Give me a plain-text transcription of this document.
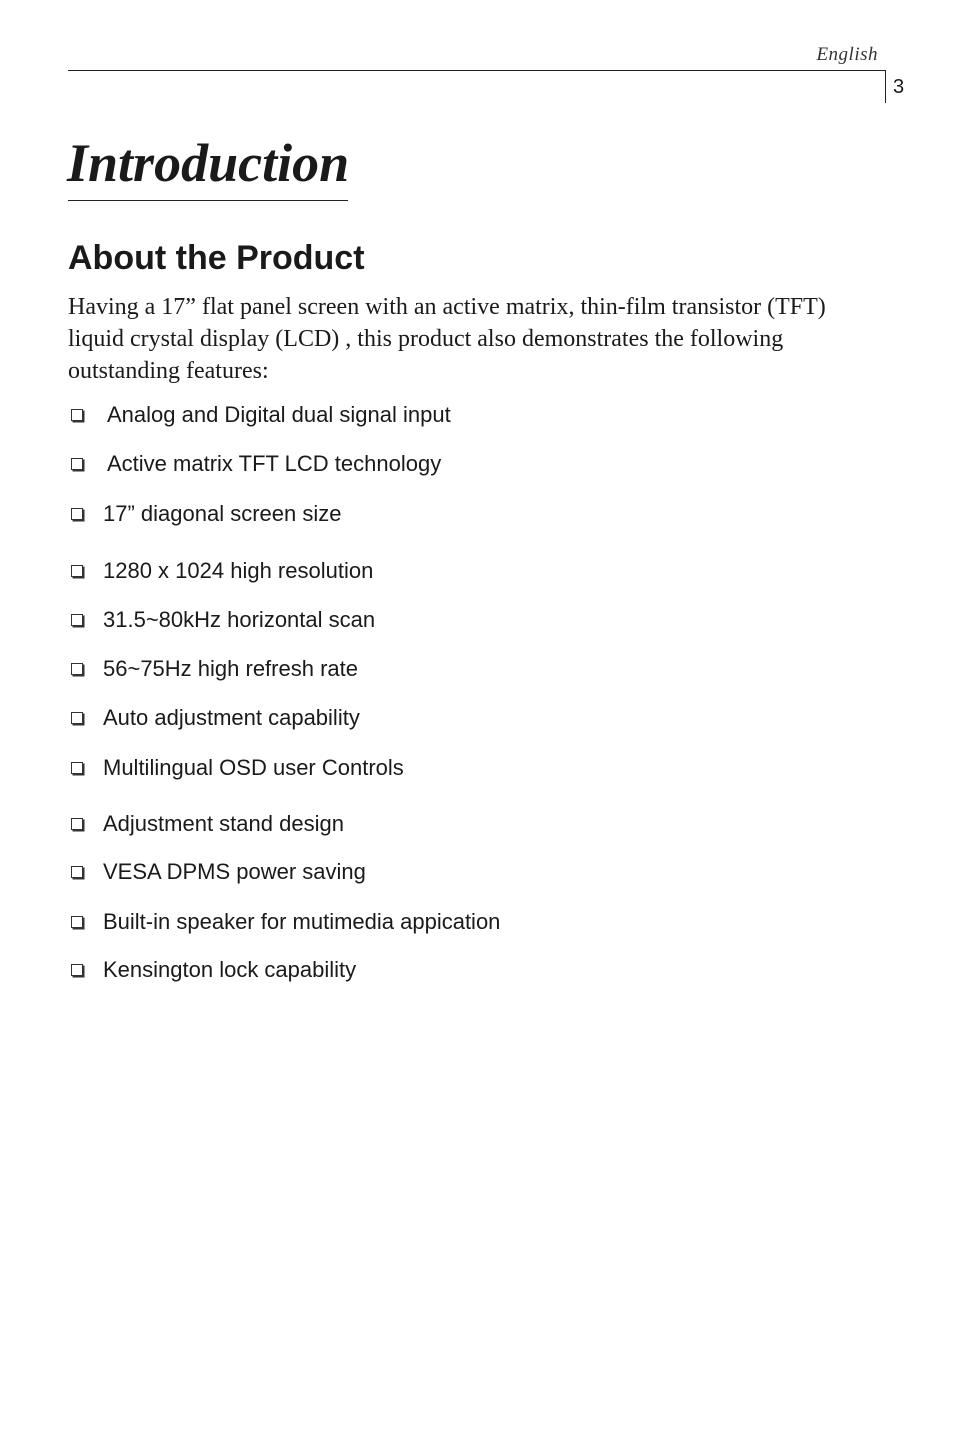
English
3
Introduction
About the Product

Having a 17” flat panel screen with an active matrix, thin-film transistor (TFT) liquid crystal display (LCD) , this product also demonstrates the following outstanding features:

Analog and Digital dual signal input
Active matrix TFT LCD technology
17” diagonal screen size
1280 x 1024 high resolution
31.5~80kHz horizontal scan
56~75Hz high refresh rate
Auto adjustment capability
Multilingual OSD user Controls
Adjustment stand design
VESA DPMS power saving
Built-in speaker for mutimedia appication
Kensington lock capability
